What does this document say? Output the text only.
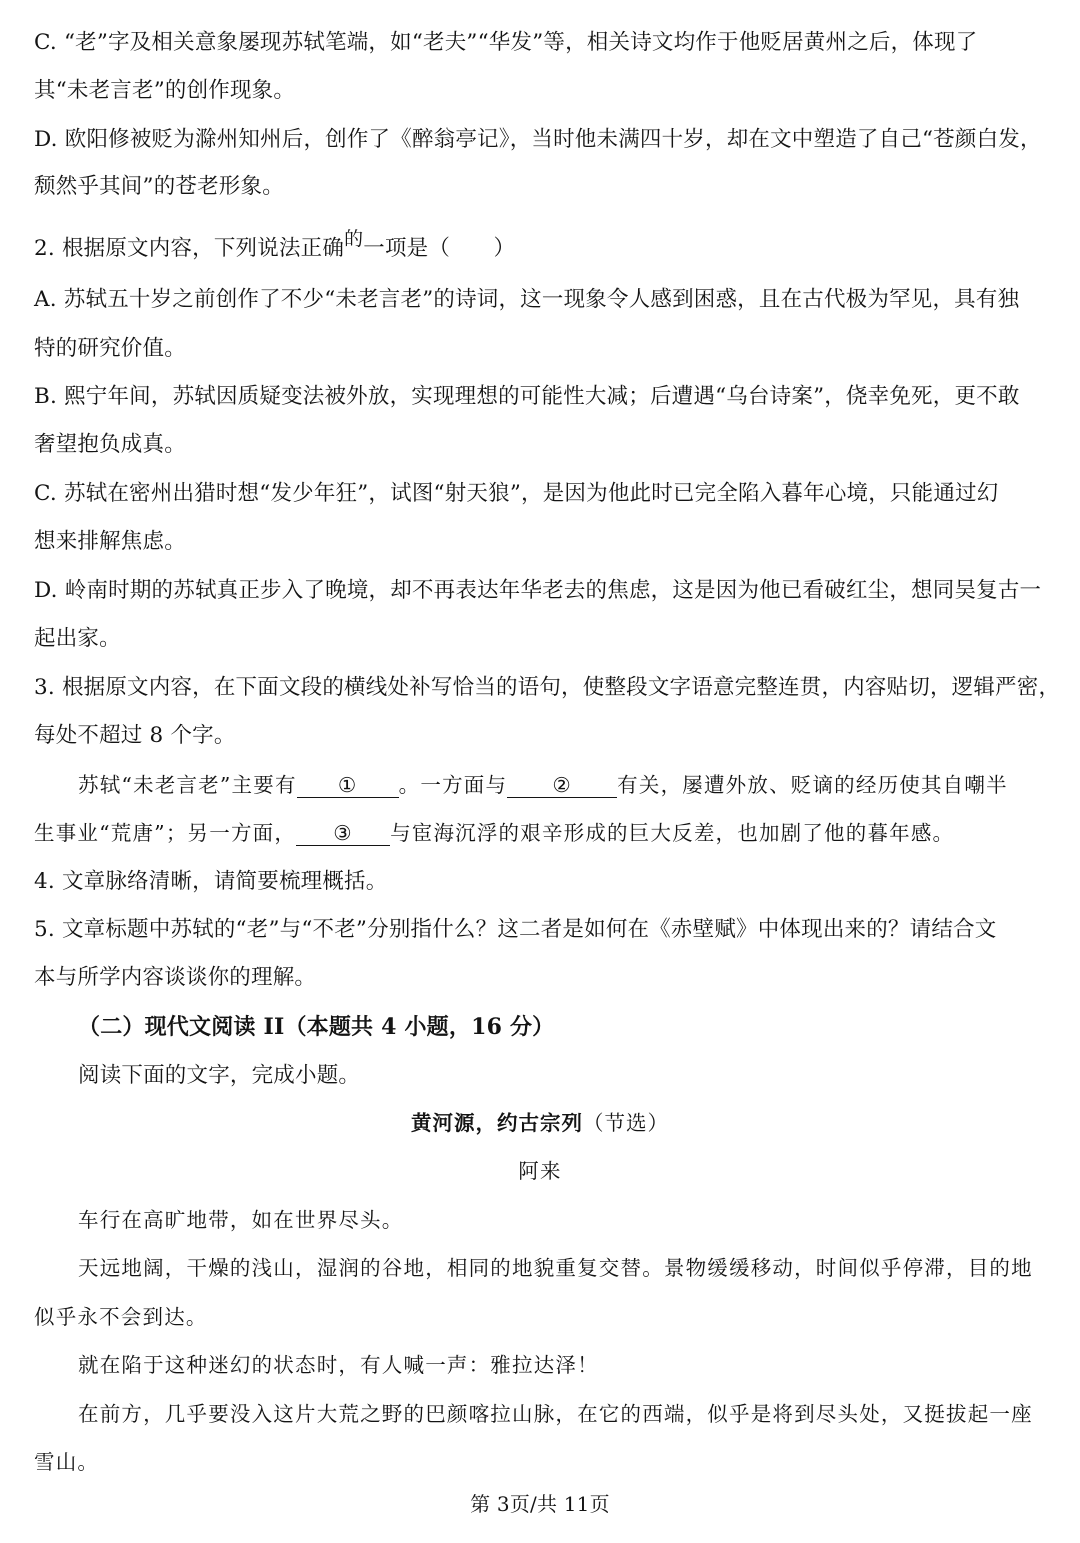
C. “老”字及相关意象屡现苏轼笔端，如“老夫”“华发”等，相关诗文均作于他贬居黄州之后，体现了
其“未老言老”的创作现象。
D. 欧阳修被贬为滁州知州后，创作了《醉翁亭记》，当时他未满四十岁，却在文中塑造了自己“苍颜白发，
颓然乎其间”的苍老形象。
2. 根据原文内容，下列说法正确的一项是（　　）
A. 苏轼五十岁之前创作了不少“未老言老”的诗词，这一现象令人感到困惑，且在古代极为罕见，具有独
特的研究价值。
B. 熙宁年间，苏轼因质疑变法被外放，实现理想的可能性大减；后遭遇“乌台诗案”，侥幸免死，更不敢
奢望抱负成真。
C. 苏轼在密州出猎时想“发少年狂”，试图“射天狼”，是因为他此时已完全陷入暮年心境，只能通过幻
想来排解焦虑。
D. 岭南时期的苏轼真正步入了晚境，却不再表达年华老去的焦虑，这是因为他已看破红尘，想同吴复古一
起出家。
3. 根据原文内容，在下面文段的横线处补写恰当的语句，使整段文字语意完整连贯，内容贴切，逻辑严密，
每处不超过 8 个字。
苏轼“未老言老”主要有 ① 。一方面与 ② 有关，屡遭外放、贬谪的经历使其自嘲半
生事业“荒唐”；另一方面， ③ 与宦海沉浮的艰辛形成的巨大反差，也加剧了他的暮年感。
4. 文章脉络清晰，请简要梳理概括。
5. 文章标题中苏轼的“老”与“不老”分别指什么？这二者是如何在《赤壁赋》中体现出来的？请结合文
本与所学内容谈谈你的理解。
（二）现代文阅读 II（本题共 4 小题，16 分）
阅读下面的文字，完成小题。
黄河源，约古宗列（节选）
阿来
车行在高旷地带，如在世界尽头。
天远地阔，干燥的浅山，湿润的谷地，相同的地貌重复交替。景物缓缓移动，时间似乎停滞，目的地
似乎永不会到达。
就在陷于这种迷幻的状态时，有人喊一声：雅拉达泽！
在前方，几乎要没入这片大荒之野的巴颜喀拉山脉，在它的西端，似乎是将到尽头处，又挺拔起一座
雪山。
第 3页/共 11页
